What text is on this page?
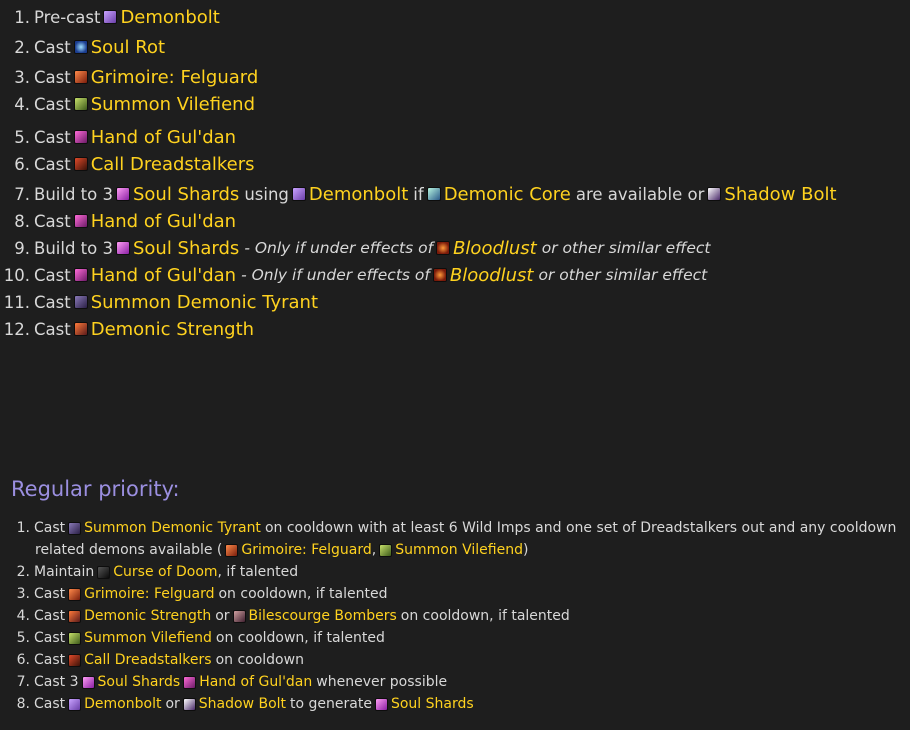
1. Pre-cast Demonbolt
2. Cast Soul Rot
3. Cast Grimoire: Felguard
4. Cast Summon Vilefiend
5. Cast Hand of Gul'dan
6. Cast Call Dreadstalkers
7. Build to 3 Soul Shards using Demonbolt if Demonic Core are available or Shadow Bolt
8. Cast Hand of Gul'dan
9. Build to 3 Soul Shards - Only if under effects of Bloodlust or other similar effect
10. Cast Hand of Gul'dan - Only if under effects of Bloodlust or other similar effect
11. Cast Summon Demonic Tyrant
12. Cast Demonic Strength
Regular priority:
1. Cast Summon Demonic Tyrant on cooldown with at least 6 Wild Imps and one set of Dreadstalkers out and any cooldown
related demons available ( Grimoire: Felguard , Summon Vilefiend )
2. Maintain Curse of Doom , if talented
3. Cast Grimoire: Felguard on cooldown, if talented
4. Cast Demonic Strength or Bilescourge Bombers on cooldown, if talented
5. Cast Summon Vilefiend on cooldown, if talented
6. Cast Call Dreadstalkers on cooldown
7. Cast 3 Soul Shards Hand of Gul'dan whenever possible
8. Cast Demonbolt or Shadow Bolt to generate Soul Shards
